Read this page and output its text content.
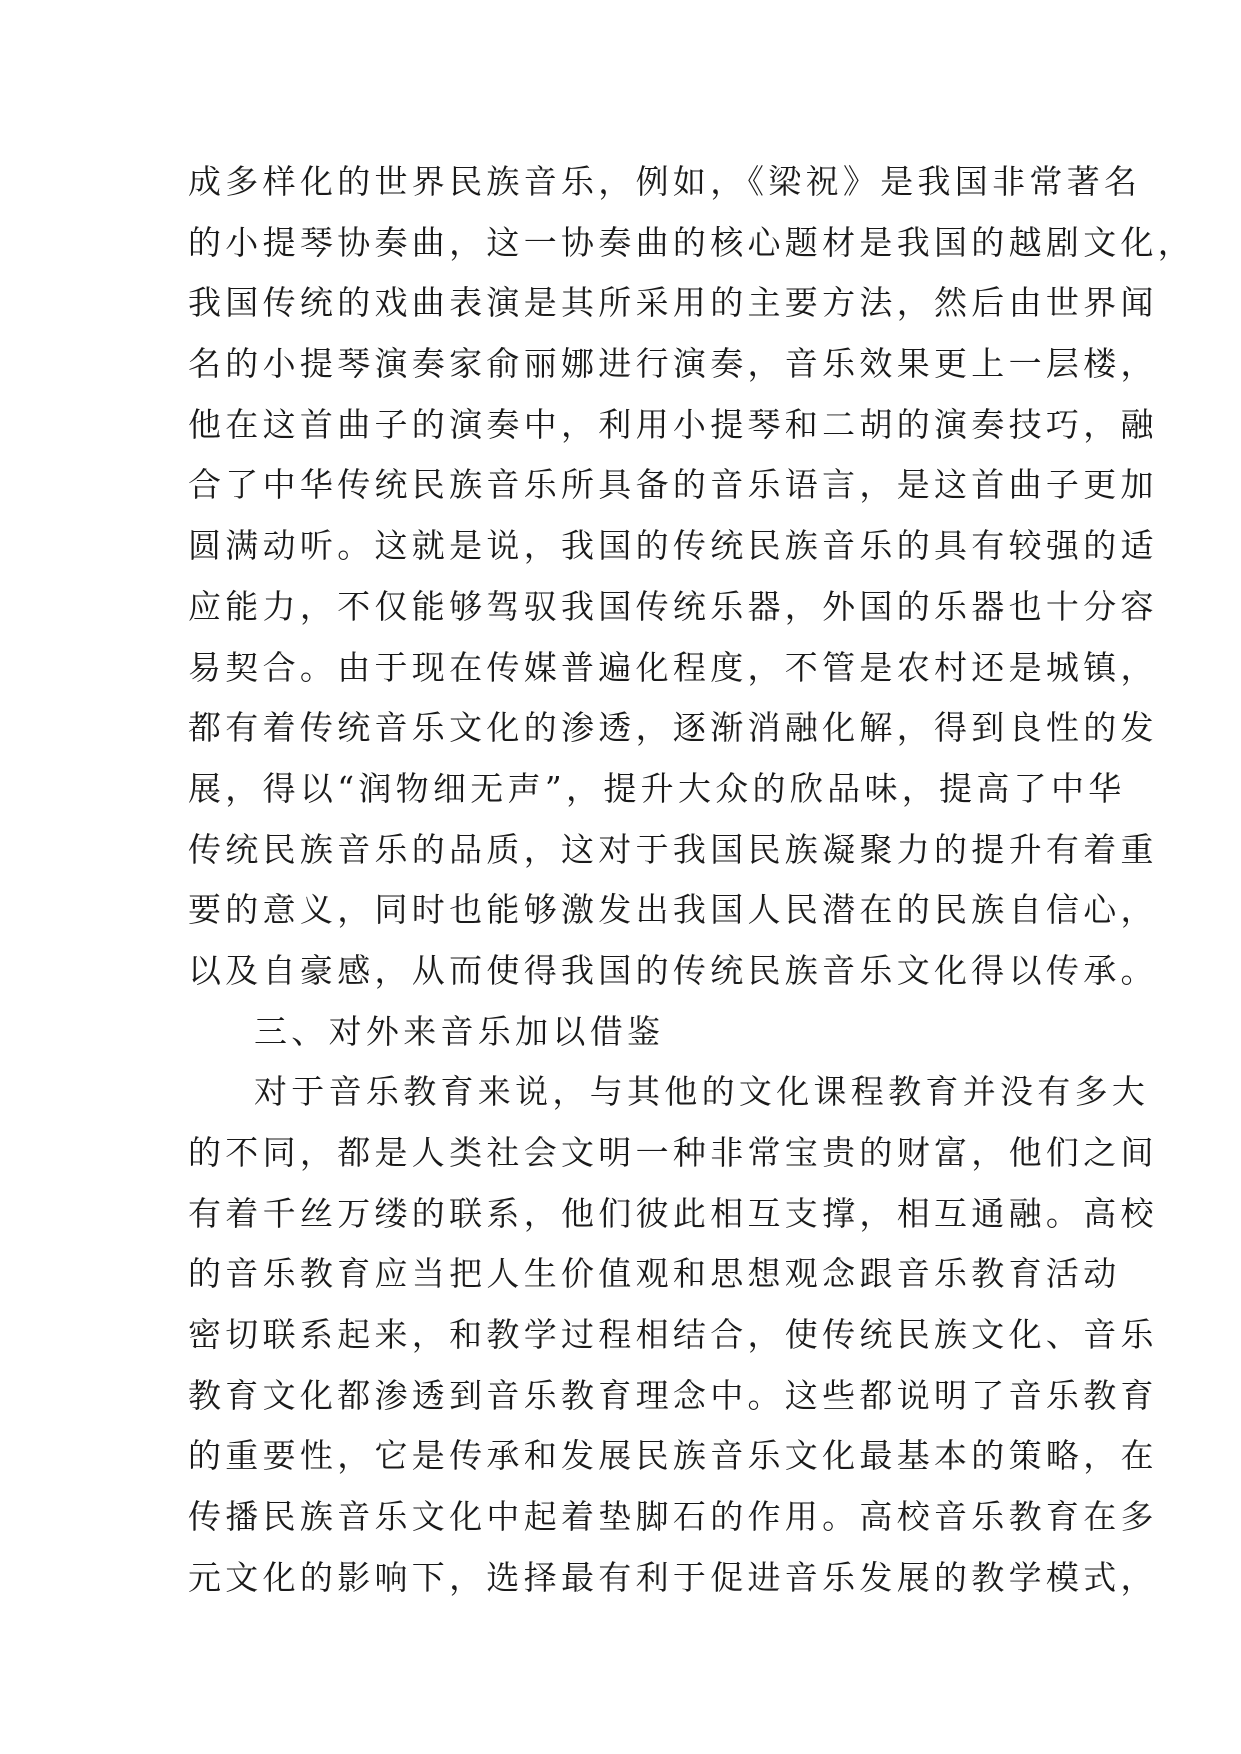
成多样化的世界民族音乐，例如，《梁祝》是我国非常著名
的小提琴协奏曲，这一协奏曲的核心题材是我国的越剧文化，
我国传统的戏曲表演是其所采用的主要方法，然后由世界闻
名的小提琴演奏家俞丽娜进行演奏，音乐效果更上一层楼，
他在这首曲子的演奏中，利用小提琴和二胡的演奏技巧，融
合了中华传统民族音乐所具备的音乐语言，是这首曲子更加
圆满动听。这就是说，我国的传统民族音乐的具有较强的适
应能力，不仅能够驾驭我国传统乐器，外国的乐器也十分容
易契合。由于现在传媒普遍化程度，不管是农村还是城镇，
都有着传统音乐文化的渗透，逐渐消融化解，得到良性的发
展，得以“润物细无声”，提升大众的欣品味，提高了中华
传统民族音乐的品质，这对于我国民族凝聚力的提升有着重
要的意义，同时也能够激发出我国人民潜在的民族自信心，
以及自豪感，从而使得我国的传统民族音乐文化得以传承。
三、对外来音乐加以借鉴
对于音乐教育来说，与其他的文化课程教育并没有多大
的不同，都是人类社会文明一种非常宝贵的财富，他们之间
有着千丝万缕的联系，他们彼此相互支撑，相互通融。高校
的音乐教育应当把人生价值观和思想观念跟音乐教育活动
密切联系起来，和教学过程相结合，使传统民族文化、音乐
教育文化都渗透到音乐教育理念中。这些都说明了音乐教育
的重要性，它是传承和发展民族音乐文化最基本的策略，在
传播民族音乐文化中起着垫脚石的作用。高校音乐教育在多
元文化的影响下，选择最有利于促进音乐发展的教学模式，
